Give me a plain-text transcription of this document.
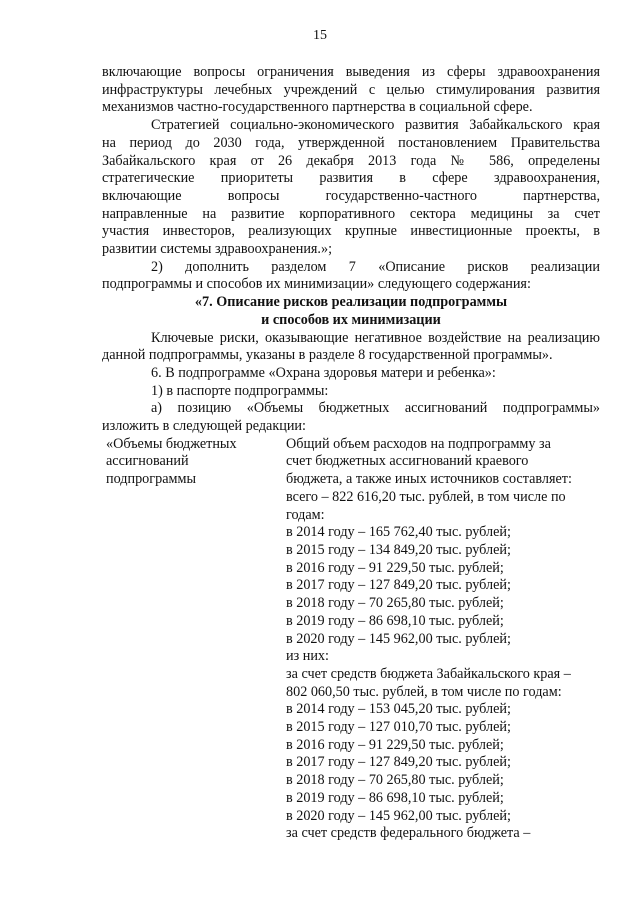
15

включающие вопросы ограничения выведения из сферы здравоохранения

инфраструктуры лечебных учреждений с целью стимулирования развития

механизмов частно-государственного партнерства в социальной сфере.

Стратегией социально-экономического развития Забайкальского края

на период до 2030 года, утвержденной постановлением Правительства

Забайкальского края от 26 декабря 2013 года № 586, определены

стратегические приоритеты развития в сфере здравоохранения,

включающие вопросы государственно-частного партнерства,

направленные на развитие корпоративного сектора медицины за счет

участия инвесторов, реализующих крупные инвестиционные проекты, в

развитии системы здравоохранения.»;

2) дополнить разделом 7 «Описание рисков реализации

подпрограммы и способов их минимизации» следующего содержания:

«7. Описание рисков реализации подпрограммы

и способов их минимизации

Ключевые риски, оказывающие негативное воздействие на реализацию

данной подпрограммы, указаны в разделе 8 государственной программы».

6. В подпрограмме «Охрана здоровья матери и ребенка»:

1) в паспорте подпрограммы:

а) позицию «Объемы бюджетных ассигнований подпрограммы»

изложить в следующей редакции:

«Объемы бюджетных
ассигнований
подпрограммы
Общий объем расходов на подпрограмму за
счет бюджетных ассигнований краевого
бюджета, а также иных источников составляет:
всего – 822 616,20 тыс. рублей, в том числе по
годам:
в 2014 году – 165 762,40 тыс. рублей;
в 2015 году – 134 849,20 тыс. рублей;
в 2016 году – 91 229,50 тыс. рублей;
в 2017 году – 127 849,20 тыс. рублей;
в 2018 году – 70 265,80 тыс. рублей;
в 2019 году – 86 698,10 тыс. рублей;
в 2020 году – 145 962,00 тыс. рублей;
из них:
за счет средств бюджета Забайкальского края –
802 060,50 тыс. рублей, в том числе по годам:
в 2014 году – 153 045,20 тыс. рублей;
в 2015 году – 127 010,70 тыс. рублей;
в 2016 году – 91 229,50 тыс. рублей;
в 2017 году – 127 849,20 тыс. рублей;
в 2018 году – 70 265,80 тыс. рублей;
в 2019 году – 86 698,10 тыс. рублей;
в 2020 году – 145 962,00 тыс. рублей;
за счет средств федерального бюджета –
